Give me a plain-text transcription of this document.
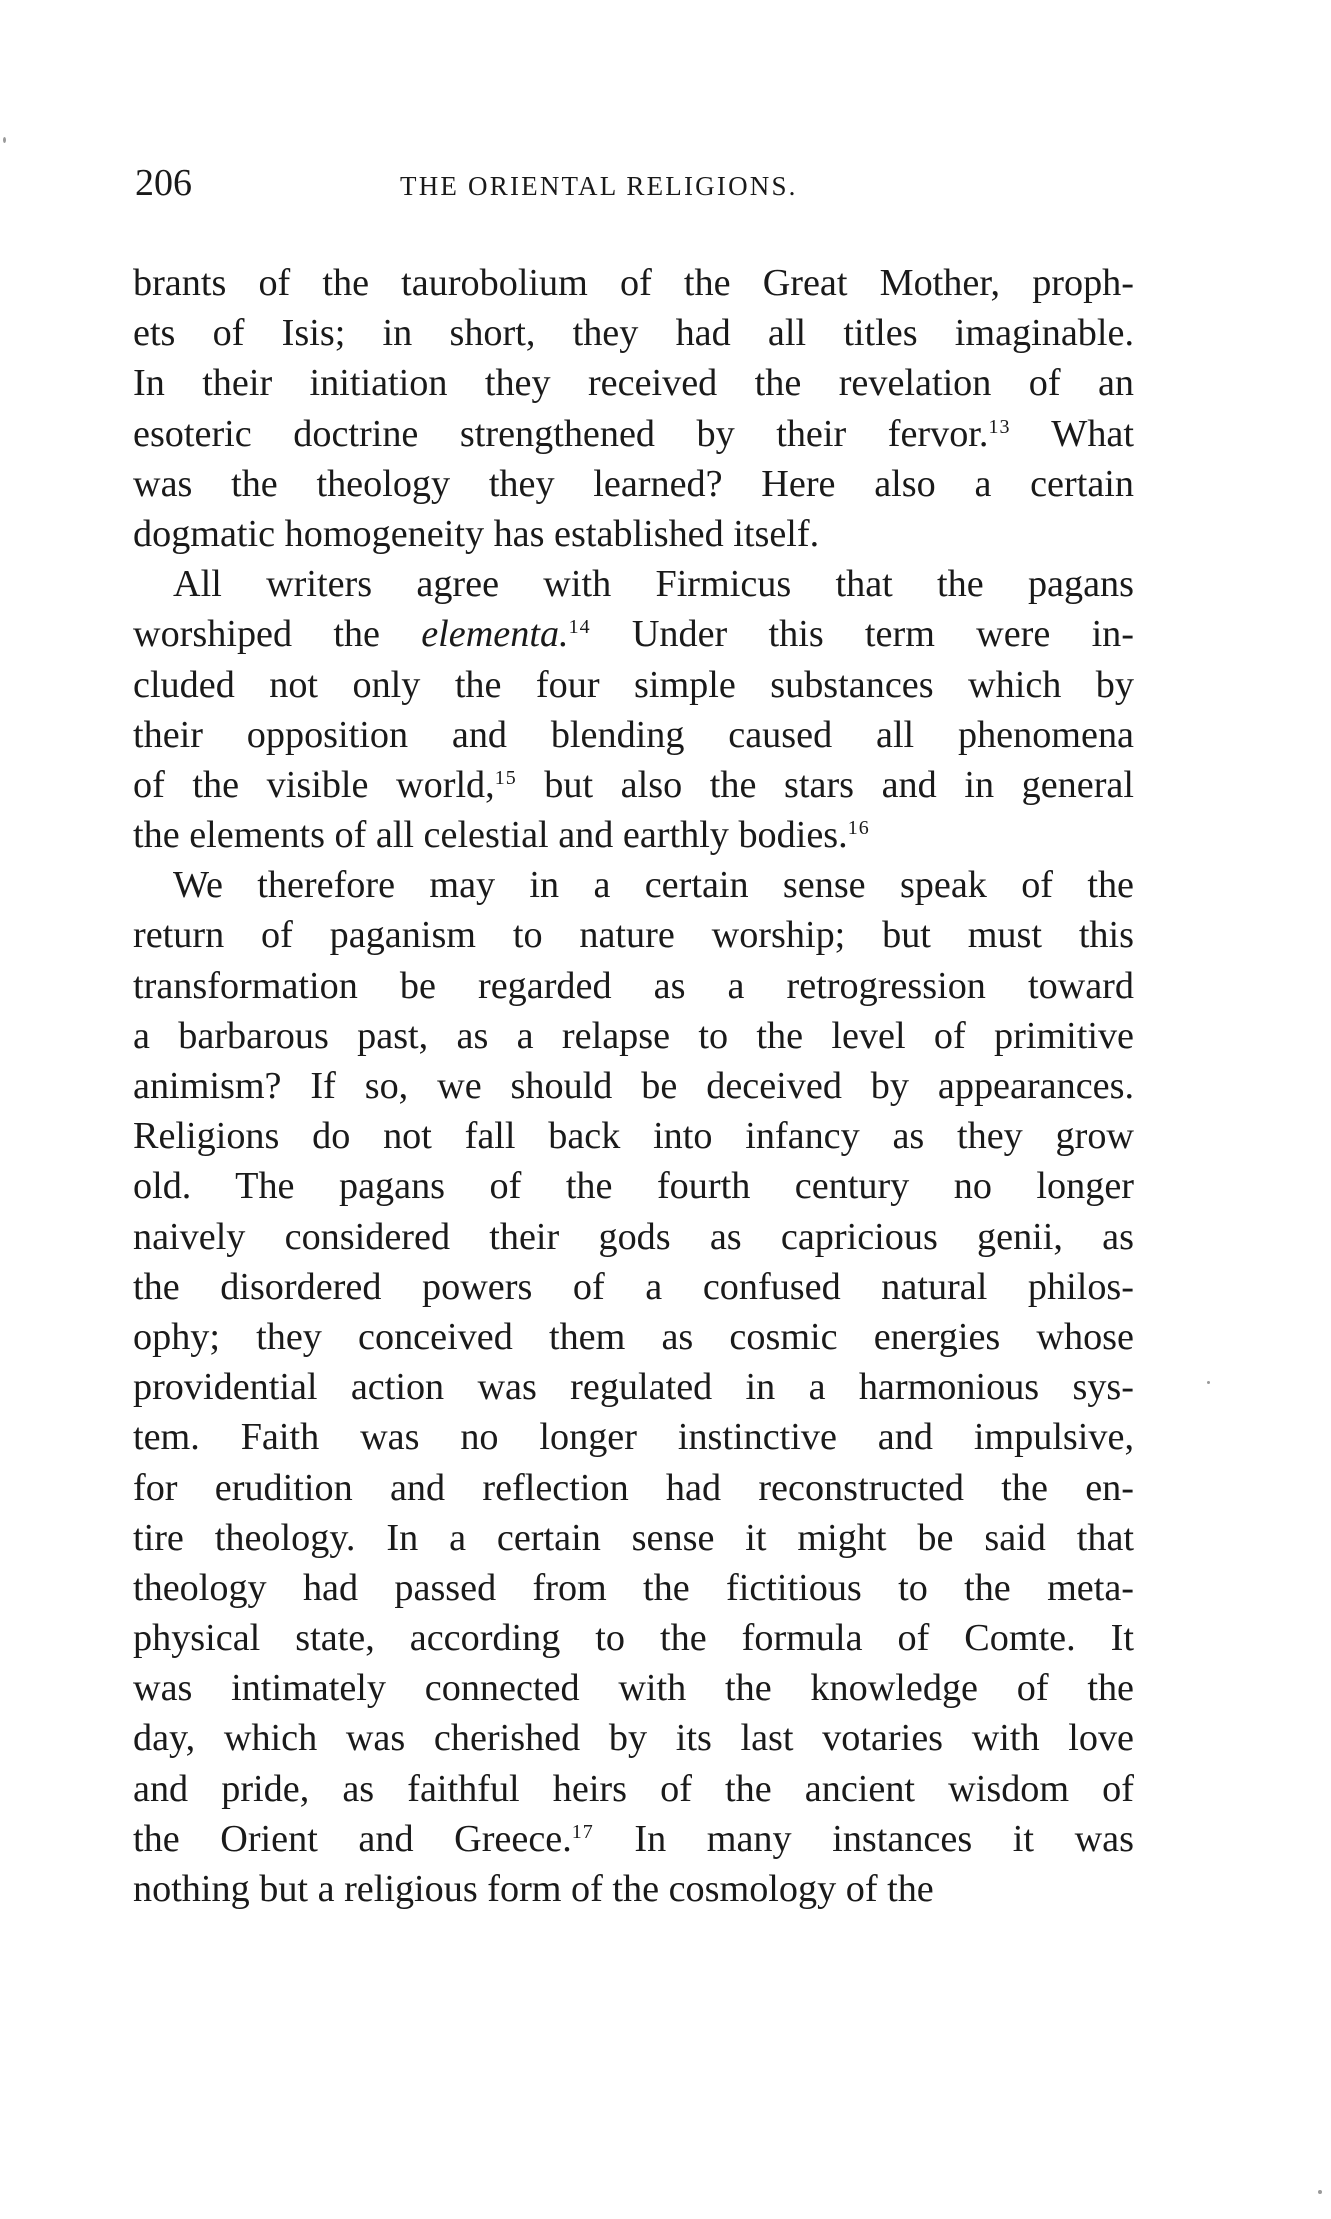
206	THE ORIENTAL RELIGIONS.
brants of the taurobolium of the Great Mother, proph-
ets of Isis; in short, they had all titles imaginable.
In their initiation they received the revelation of an
esoteric doctrine strengthened by their fervor.$^{13}$ What
was the theology they learned? Here also a certain
dogmatic homogeneity has established itself.
All writers agree with Firmicus that the pagans
worshiped the elementa.$^{14}$ Under this term were in-
cluded not only the four simple substances which by
their opposition and blending caused all phenomena
of the visible world,$^{15}$ but also the stars and in general
the elements of all celestial and earthly bodies.$^{16}$
We therefore may in a certain sense speak of the
return of paganism to nature worship; but must this
transformation be regarded as a retrogression toward
a barbarous past, as a relapse to the level of primitive
animism? If so, we should be deceived by appearances.
Religions do not fall back into infancy as they grow
old. The pagans of the fourth century no longer
naively considered their gods as capricious genii, as
the disordered powers of a confused natural philos-
ophy; they conceived them as cosmic energies whose
providential action was regulated in a harmonious sys-
tem. Faith was no longer instinctive and impulsive,
for erudition and reflection had reconstructed the en-
tire theology. In a certain sense it might be said that
theology had passed from the fictitious to the meta-
physical state, according to the formula of Comte. It
was intimately connected with the knowledge of the
day, which was cherished by its last votaries with love
and pride, as faithful heirs of the ancient wisdom of
the Orient and Greece.$^{17}$ In many instances it was
nothing but a religious form of the cosmology of the
